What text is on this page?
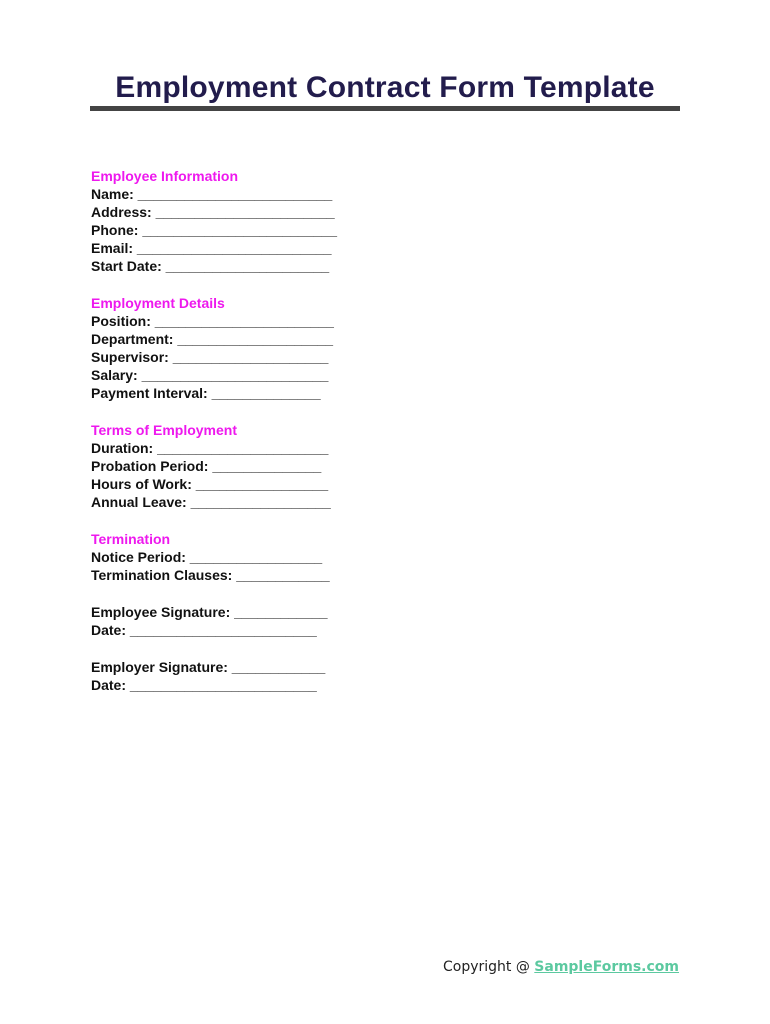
Employment Contract Form Template
Employee Information
Name: _________________________
Address: _______________________
Phone: _________________________
Email: _________________________
Start Date: _____________________
Employment Details
Position: _______________________
Department: ____________________
Supervisor: ____________________
Salary: ________________________
Payment Interval: ______________
Terms of Employment
Duration: ______________________
Probation Period: ______________
Hours of Work: _________________
Annual Leave: __________________
Termination
Notice Period: _________________
Termination Clauses: ____________
Employee Signature: ____________
Date: ________________________
Employer Signature: ____________
Date: ________________________
Copyright @ SampleForms.com
